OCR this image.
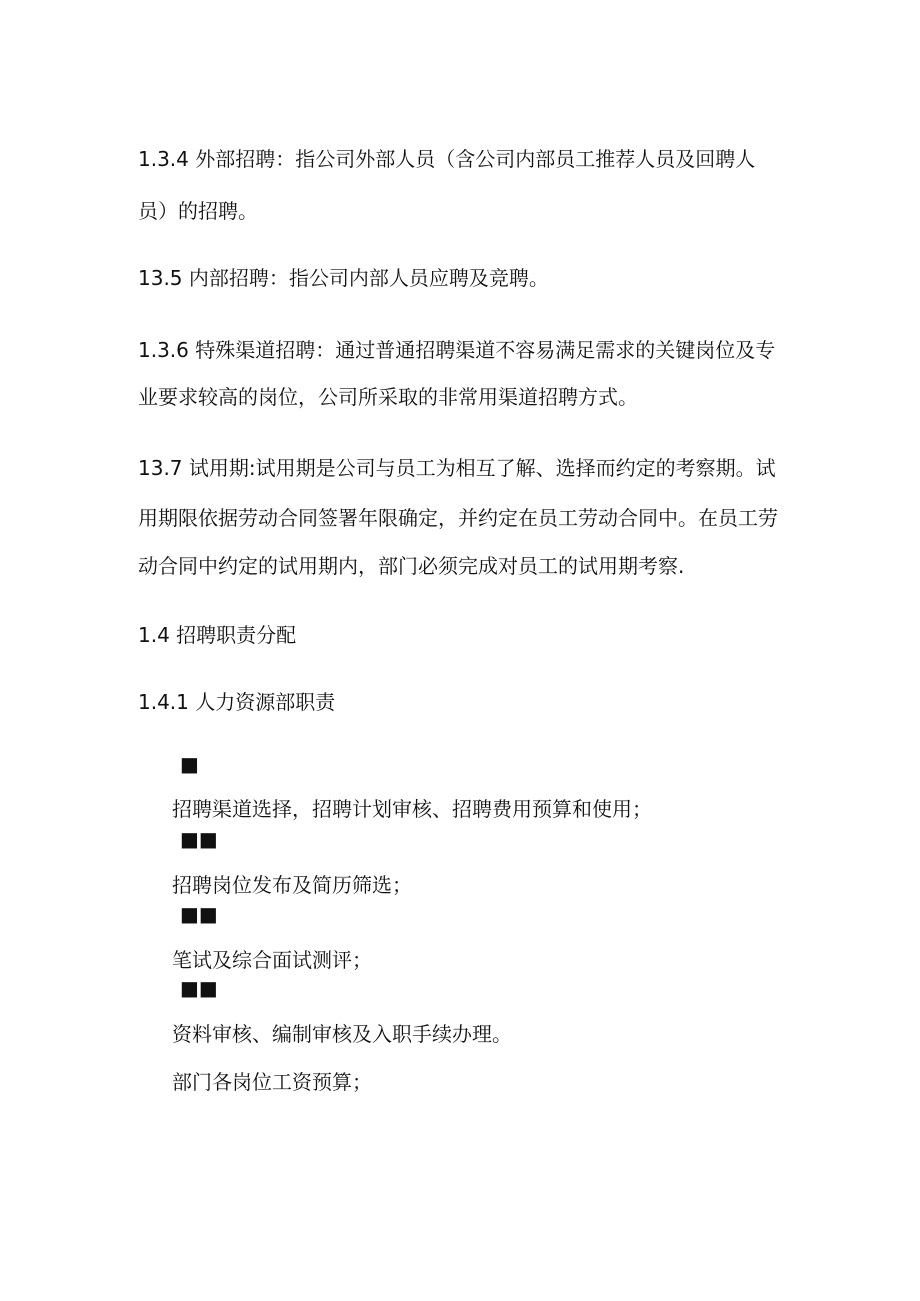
1.3.4 外部招聘：指公司外部人员（含公司内部员工推荐人员及回聘人
员）的招聘。
13.5 内部招聘：指公司内部人员应聘及竞聘。
1.3.6 特殊渠道招聘：通过普通招聘渠道不容易满足需求的关键岗位及专
业要求较高的岗位，公司所采取的非常用渠道招聘方式。
13.7 试用期:试用期是公司与员工为相互了解、选择而约定的考察期。试
用期限依据劳动合同签署年限确定，并约定在员工劳动合同中。在员工劳
动合同中约定的试用期内，部门必须完成对员工的试用期考察.
1.4 招聘职责分配
1.4.1 人力资源部职责
■
招聘渠道选择，招聘计划审核、招聘费用预算和使用；
■■
招聘岗位发布及简历筛选；
■■
笔试及综合面试测评；
■■
资料审核、编制审核及入职手续办理。
部门各岗位工资预算；
